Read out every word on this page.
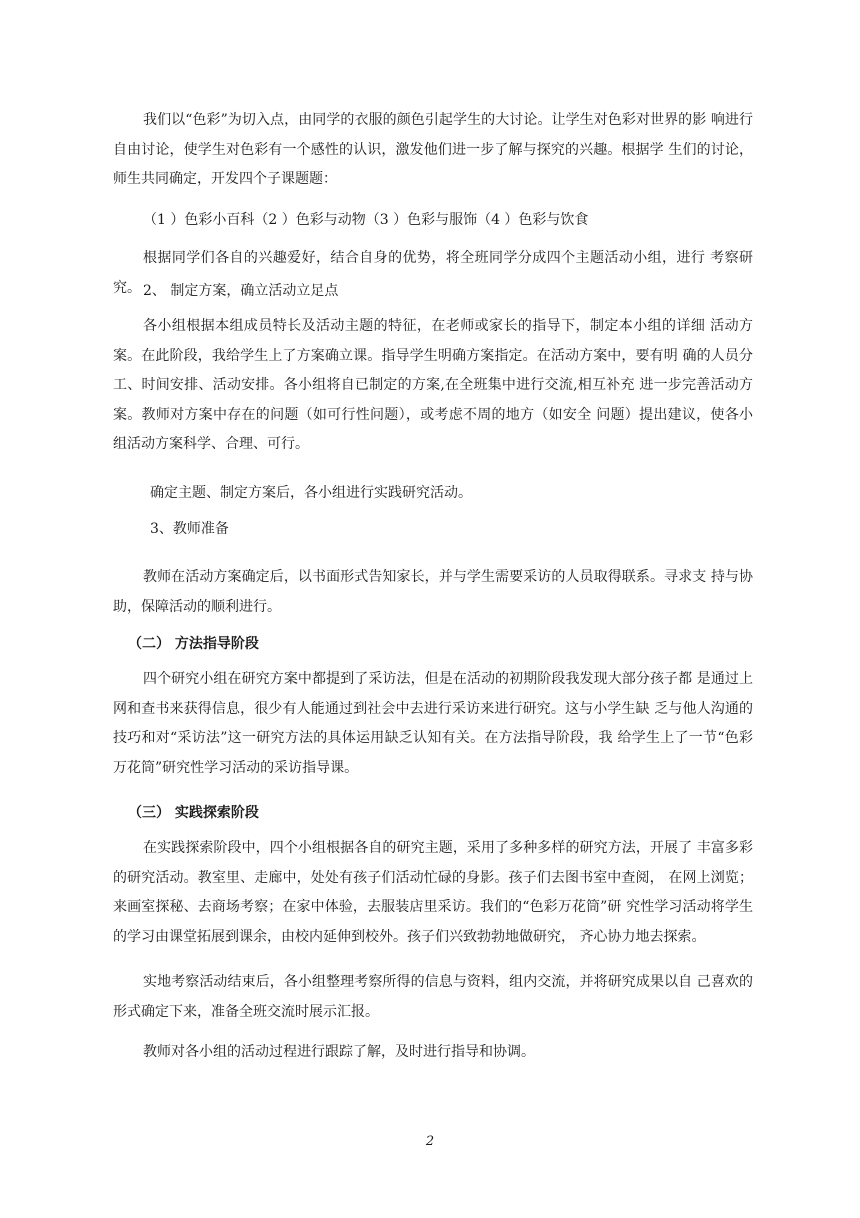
我们以“色彩”为切入点，由同学的衣服的颜色引起学生的大讨论。让学生对色彩对世界的影 响进行自由讨论，使学生对色彩有一个感性的认识，激发他们进一步了解与探究的兴趣。根据学 生们的讨论，师生共同确定，开发四个子课题题：
（1 ）色彩小百科（2 ）色彩与动物（3 ）色彩与服饰（4 ）色彩与饮食
根据同学们各自的兴趣爱好，结合自身的优势，将全班同学分成四个主题活动小组，进行 考察研究。 2、 制定方案，确立活动立足点
各小组根据本组成员特长及活动主题的特征，在老师或家长的指导下，制定本小组的详细 活动方案。在此阶段，我给学生上了方案确立课。指导学生明确方案指定。在活动方案中，要有明 确的人员分工、时间安排、活动安排。各小组将自已制定的方案,在全班集中进行交流,相互补充 进一步完善活动方案。教师对方案中存在的问题（如可行性问题），或考虑不周的地方（如安全 问题）提出建议，使各小组活动方案科学、合理、可行。
确定主题、制定方案后，各小组进行实践研究活动。
3、教师准备
教师在活动方案确定后，以书面形式告知家长，并与学生需要采访的人员取得联系。寻求支 持与协助，保障活动的顺利进行。
（二） 方法指导阶段
四个研究小组在研究方案中都提到了采访法，但是在活动的初期阶段我发现大部分孩子都 是通过上网和查书来获得信息，很少有人能通过到社会中去进行采访来进行研究。这与小学生缺 乏与他人沟通的技巧和对“采访法”这一研究方法的具体运用缺乏认知有关。在方法指导阶段，我 给学生上了一节“色彩万花筒”研究性学习活动的采访指导课。
（三） 实践探索阶段
在实践探索阶段中，四个小组根据各自的研究主题，采用了多种多样的研究方法，开展了 丰富多彩的研究活动。教室里、走廊中，处处有孩子们活动忙碌的身影。孩子们去图书室中查阅， 在网上浏览；来画室探秘、去商场考察；在家中体验，去服装店里采访。我们的“色彩万花筒”研 究性学习活动将学生的学习由课堂拓展到课余，由校内延伸到校外。孩子们兴致勃勃地做研究， 齐心协力地去探索。
实地考察活动结束后，各小组整理考察所得的信息与资料，组内交流，并将研究成果以自 己喜欢的形式确定下来，准备全班交流时展示汇报。
教师对各小组的活动过程进行跟踪了解，及时进行指导和协调。
2
